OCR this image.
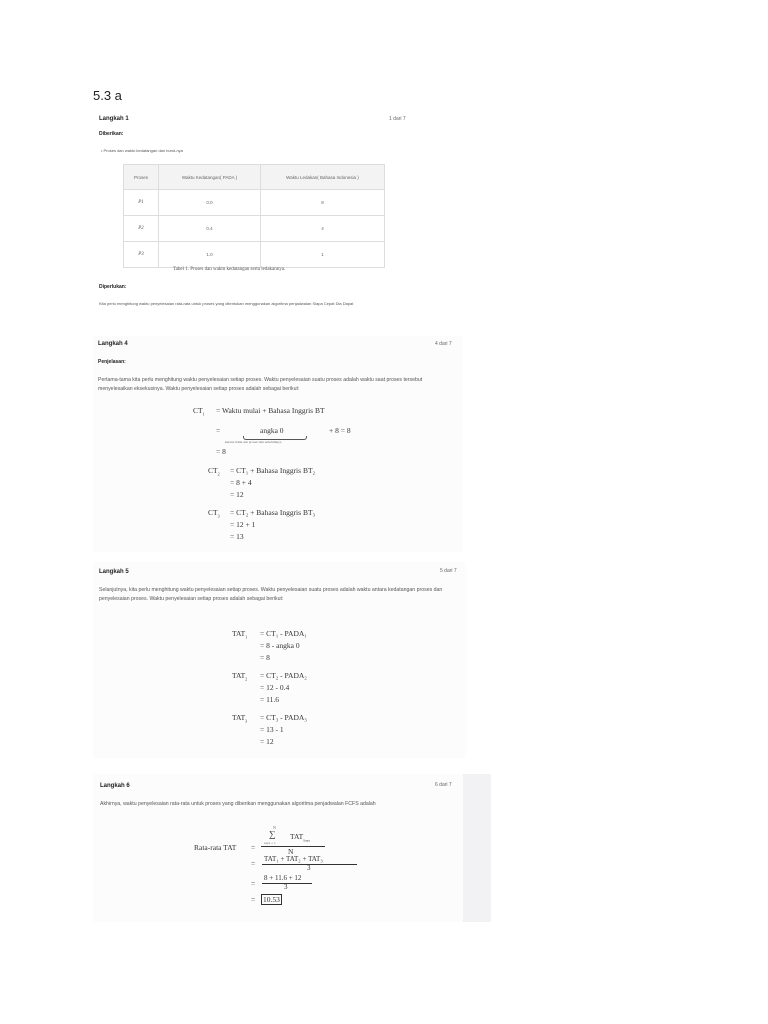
5.3 a
Langkah 1	1 dari 7
Diberikan:
• Proses dan waktu kedatangan dan burst-nya
Proses	Waktu Kedatangan( PADA )	Waktu Ledakan( Bahasa Indonesia )
P1	0.0	8
P2	0.4	4
P3	1.0	1
Tabel 1. Proses dan waktu kedatangan serta ledakannya.
Diperlukan:
Kita perlu menghitung waktu penyelesaian rata-rata untuk proses yang ditentukan menggunakan algoritma penjadwalan Siapa Cepat Dia Dapat
Langkah 4	4 dari 7
Penjelasan:
Pertama-tama kita perlu menghitung waktu penyelesaian setiap proses. Waktu penyelesaian suatu proses adalah waktu saat proses tersebut menyelesaikan eksekusinya. Waktu penyelesaian setiap proses adalah sebagai berikut:
$CT_1$ = Waktu mulai + Bahasa Inggris BT
=	angka 0	+ 8 = 8
karena tidak ada proses lain sebelumnya
= 8
$CT_2 = CT_1$ + Bahasa Inggris BT₂
= 8 + 4
= 12
$CT_3 = CT_2$ + Bahasa Inggris BT₃
= 12 + 1
= 13
Langkah 5	5 dari 7
Selanjutnya, kita perlu menghitung waktu penyelesaian setiap proses. Waktu penyelesaian suatu proses adalah waktu antara kedatangan proses dan penyelesaian proses. Waktu penyelesaian setiap proses adalah sebagai berikut:
$TAT_1 = CT_1$ - PADA₁
= 8 - angka 0
= 8
$TAT_2 = CT_2$ - PADA₂
= 12 - 0.4
= 11.6
$TAT_3 = CT_3$ - PADA₃
= 13 - 1
= 12
Langkah 6	6 dari 7
Akhirnya, waktu penyelesaian rata-rata untuk proses yang diberikan menggunakan algoritma penjadwalan FCFS adalah
Rata-rata TAT =
N
∑
saya = 1
$TAT_{Saya}$
N
= TAT₁ + TAT₂ + TAT₃
3
=
8 + 11.6 + 12
3
= 10.53
